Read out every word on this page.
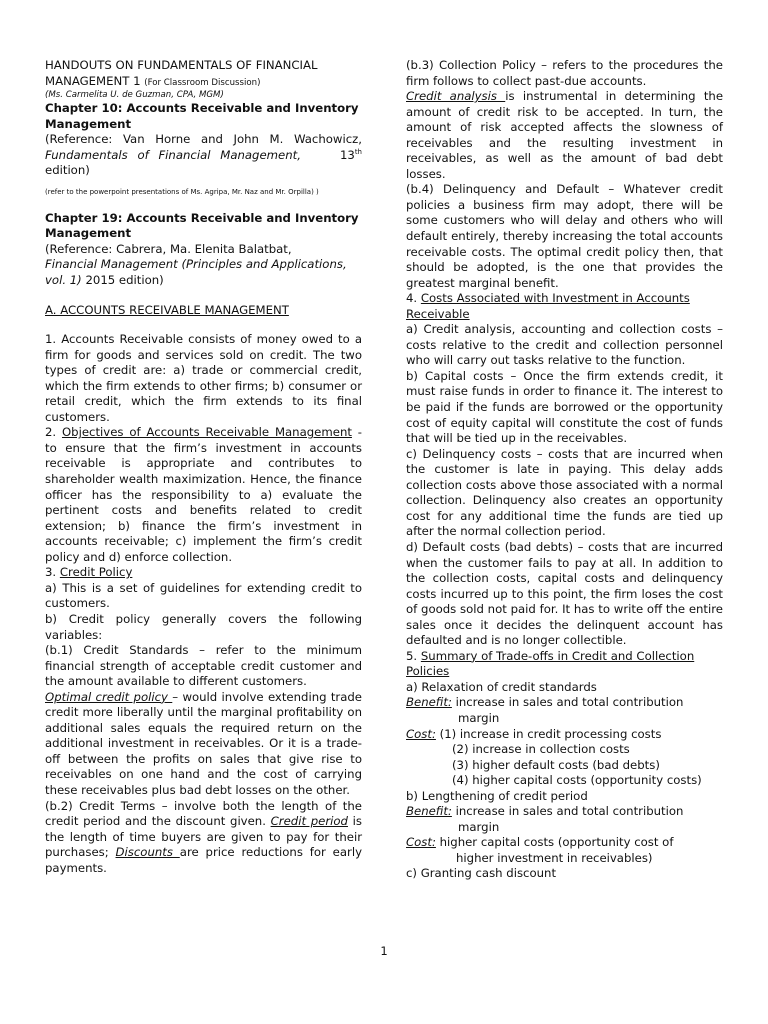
HANDOUTS ON FUNDAMENTALS OF FINANCIAL MANAGEMENT 1 (For Classroom Discussion)

(Ms. Carmelita U. de Guzman, CPA, MGM)

Chapter 10: Accounts Receivable and Inventory Management

(Reference: Van Horne and John M. Wachowicz, Fundamentals of Financial Management,	13th edition)

(refer to the powerpoint presentations of Ms. Agripa, Mr. Naz and Mr. Orpilla) )

Chapter 19: Accounts Receivable and Inventory Management

(Reference: Cabrera, Ma. Elenita Balatbat,
Financial Management (Principles and Applications, vol. 1) 2015 edition)

A. ACCOUNTS RECEIVABLE MANAGEMENT

1. Accounts Receivable consists of money owed to a firm for goods and services sold on credit. The two types of credit are: a) trade or commercial credit, which the firm extends to other firms; b) consumer or retail credit, which the firm extends to its final customers.

2. Objectives of Accounts Receivable Management - to ensure that the firm’s investment in accounts receivable is appropriate and contributes to shareholder wealth maximization. Hence, the finance officer has the responsibility to a) evaluate the pertinent costs and benefits related to credit extension; b) finance the firm’s investment in accounts receivable; c) implement the firm’s credit policy and d) enforce collection.

3. Credit Policy

a) This is a set of guidelines for extending credit to customers.

b) Credit policy generally covers the following variables:

(b.1) Credit Standards – refer to the minimum financial strength of acceptable credit customer and the amount available to different customers.

Optimal credit policy – would involve extending trade credit more liberally until the marginal profitability on additional sales equals the required return on the additional investment in receivables. Or it is a trade-off between the profits on sales that give rise to receivables on one hand and the cost of carrying these receivables plus bad debt losses on the other.

(b.2) Credit Terms – involve both the length of the credit period and the discount given. Credit period is the length of time buyers are given to pay for their purchases; Discounts are price reductions for early payments.

(b.3) Collection Policy – refers to the procedures the firm follows to collect past-due accounts.

Credit analysis is instrumental in determining the amount of credit risk to be accepted. In turn, the amount of risk accepted affects the slowness of receivables and the resulting investment in receivables, as well as the amount of bad debt losses.

(b.4) Delinquency and Default – Whatever credit policies a business firm may adopt, there will be some customers who will delay and others who will default entirely, thereby increasing the total accounts receivable costs. The optimal credit policy then, that should be adopted, is the one that provides the greatest marginal benefit.

4. Costs Associated with Investment in Accounts Receivable

a) Credit analysis, accounting and collection costs – costs relative to the credit and collection personnel who will carry out tasks relative to the function.

b) Capital costs – Once the firm extends credit, it must raise funds in order to finance it. The interest to be paid if the funds are borrowed or the opportunity cost of equity capital will constitute the cost of funds that will be tied up in the receivables.

c) Delinquency costs – costs that are incurred when the customer is late in paying. This delay adds collection costs above those associated with a normal collection. Delinquency also creates an opportunity cost for any additional time the funds are tied up after the normal collection period.

d) Default costs (bad debts) – costs that are incurred when the customer fails to pay at all. In addition to the collection costs, capital costs and delinquency costs incurred up to this point, the firm loses the cost of goods sold not paid for. It has to write off the entire sales once it decides the delinquent account has defaulted and is no longer collectible.

5. Summary of Trade-offs in Credit and Collection Policies

a) Relaxation of credit standards

Benefit: increase in sales and total contribution

margin

Cost: (1) increase in credit processing costs

(2) increase in collection costs

(3) higher default costs (bad debts)

(4) higher capital costs (opportunity costs)

b) Lengthening of credit period

Benefit: increase in sales and total contribution

margin

Cost: higher capital costs (opportunity cost of

higher investment in receivables)

c) Granting cash discount

1
